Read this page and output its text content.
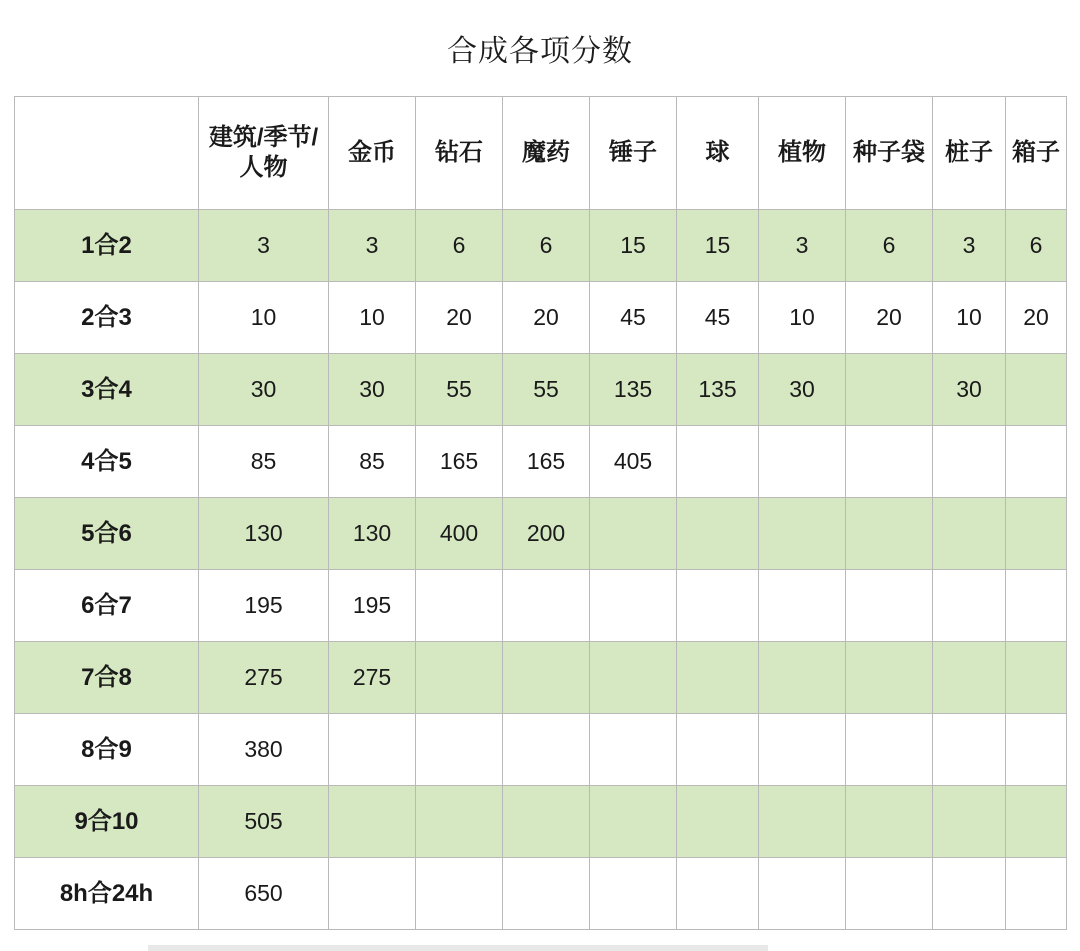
合成各项分数
	建筑/季节/人物	金币	钻石	魔药	锤子	球	植物	种子袋	桩子	箱子
1合2	3	3	6	6	15	15	3	6	3	6
2合3	10	10	20	20	45	45	10	20	10	20
3合4	30	30	55	55	135	135	30		30	
4合5	85	85	165	165	405					
5合6	130	130	400	200						
6合7	195	195								
7合8	275	275								
8合9	380									
9合10	505									
8h合24h	650									
